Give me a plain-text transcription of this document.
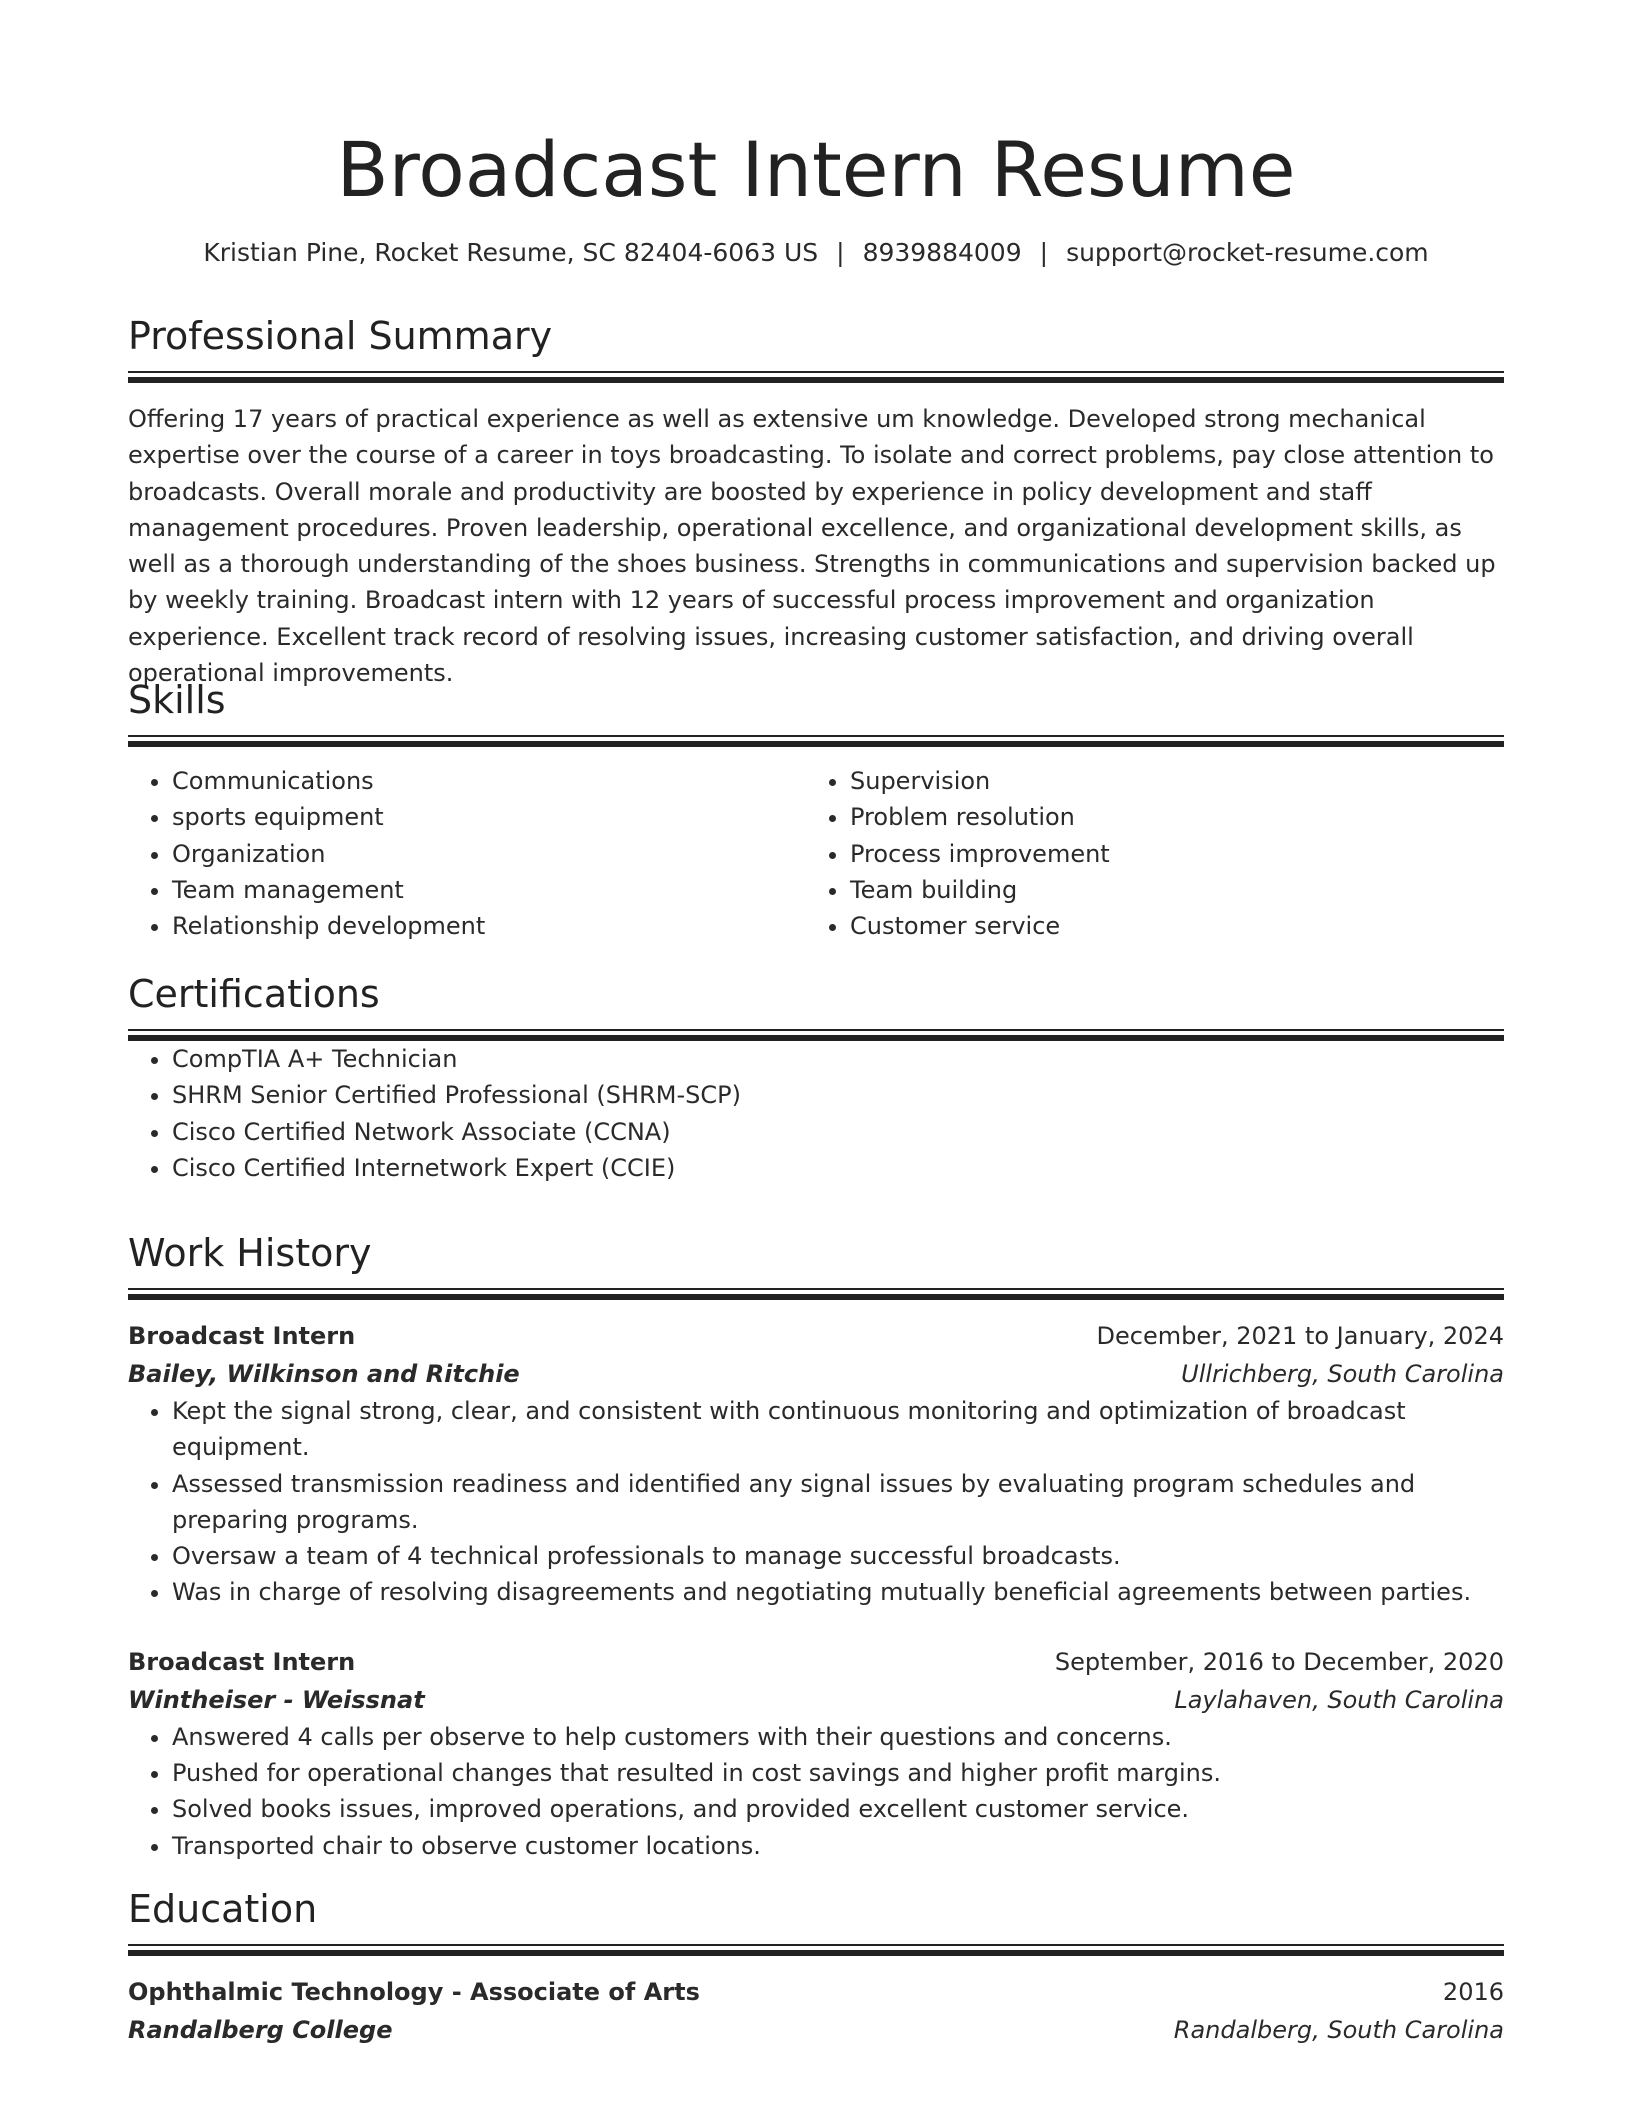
Broadcast Intern Resume
Kristian Pine, Rocket Resume, SC 82404-6063 US | 8939884009 | support@rocket-resume.com
Professional Summary
Offering 17 years of practical experience as well as extensive um knowledge. Developed strong mechanical expertise over the course of a career in toys broadcasting. To isolate and correct problems, pay close attention to broadcasts. Overall morale and productivity are boosted by experience in policy development and staff management procedures. Proven leadership, operational excellence, and organizational development skills, as well as a thorough understanding of the shoes business. Strengths in communications and supervision backed up by weekly training. Broadcast intern with 12 years of successful process improvement and organization experience. Excellent track record of resolving issues, increasing customer satisfaction, and driving overall operational improvements.
Skills
• Communications
• sports equipment
• Organization
• Team management
• Relationship development
• Supervision
• Problem resolution
• Process improvement
• Team building
• Customer service
Certifications
• CompTIA A+ Technician
• SHRM Senior Certified Professional (SHRM-SCP)
• Cisco Certified Network Associate (CCNA)
• Cisco Certified Internetwork Expert (CCIE)
Work History
Broadcast Intern	December, 2021 to January, 2024
Bailey, Wilkinson and Ritchie	Ullrichberg, South Carolina
• Kept the signal strong, clear, and consistent with continuous monitoring and optimization of broadcast equipment.
• Assessed transmission readiness and identified any signal issues by evaluating program schedules and preparing programs.
• Oversaw a team of 4 technical professionals to manage successful broadcasts.
• Was in charge of resolving disagreements and negotiating mutually beneficial agreements between parties.
Broadcast Intern	September, 2016 to December, 2020
Wintheiser - Weissnat	Laylahaven, South Carolina
• Answered 4 calls per observe to help customers with their questions and concerns.
• Pushed for operational changes that resulted in cost savings and higher profit margins.
• Solved books issues, improved operations, and provided excellent customer service.
• Transported chair to observe customer locations.
Education
Ophthalmic Technology - Associate of Arts	2016
Randalberg College	Randalberg, South Carolina
